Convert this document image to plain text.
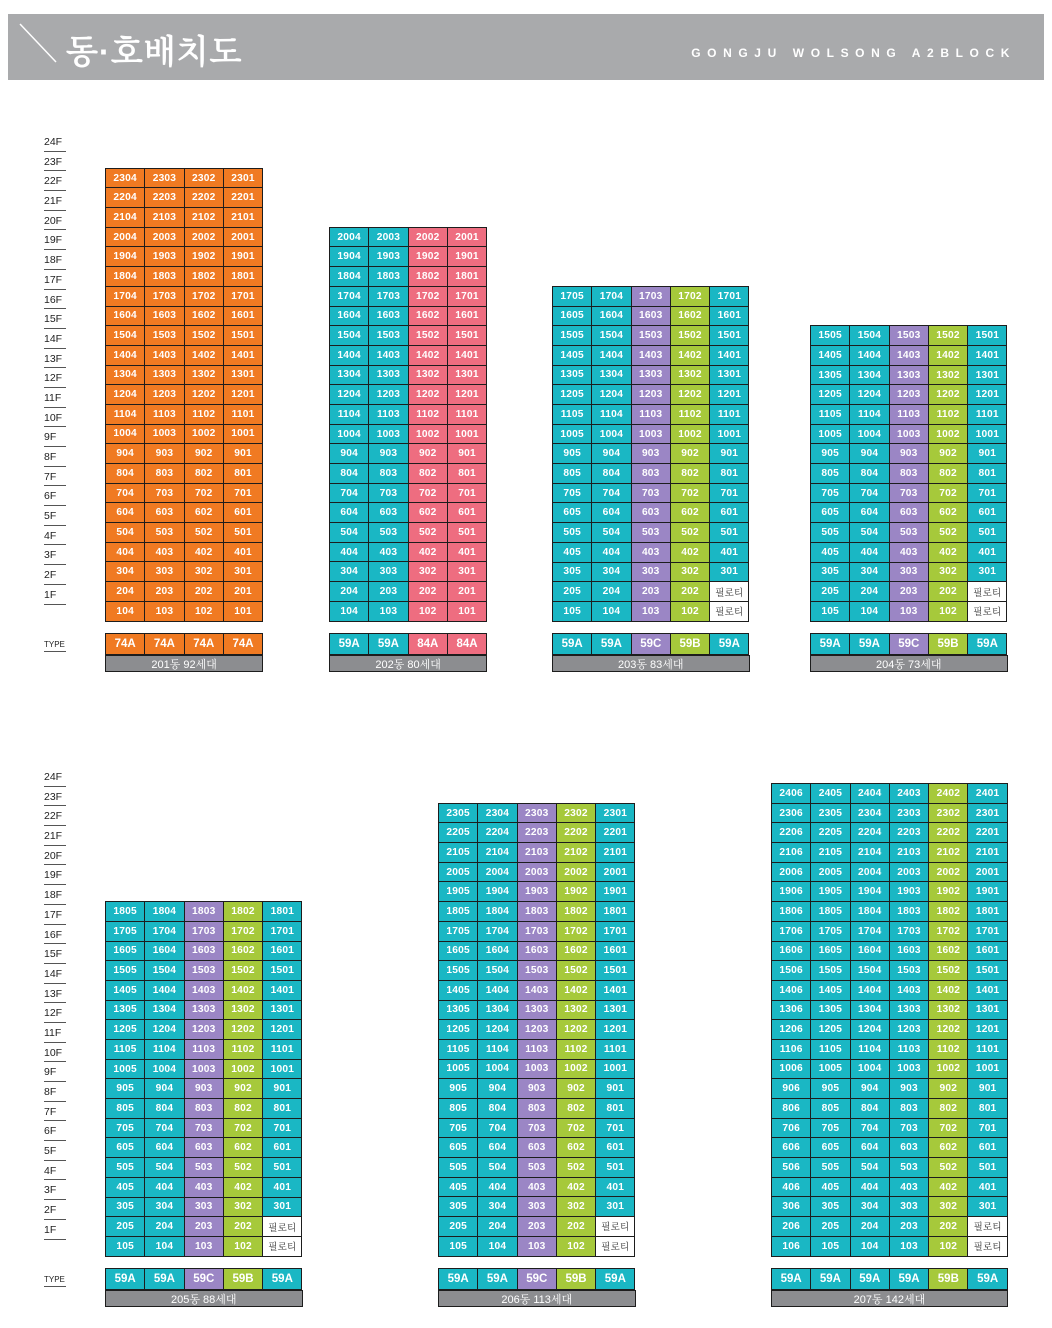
동·호배치도	GONGJU WOLSONG A2BLOCK
24F
23F
22F
21F
20F
19F
18F
17F
16F
15F
14F
13F
12F
11F
10F
9F
8F
7F
6F
5F
4F
3F
2F
1F
TYPE
24F
23F
22F
21F
20F
19F
18F
17F
16F
15F
14F
13F
12F
11F
10F
9F
8F
7F
6F
5F
4F
3F
2F
1F
TYPE
2304	2303	2302	2301
2204	2203	2202	2201
2104	2103	2102	2101
2004	2003	2002	2001
1904	1903	1902	1901
1804	1803	1802	1801
1704	1703	1702	1701
1604	1603	1602	1601
1504	1503	1502	1501
1404	1403	1402	1401
1304	1303	1302	1301
1204	1203	1202	1201
1104	1103	1102	1101
1004	1003	1002	1001
904	903	902	901
804	803	802	801
704	703	702	701
604	603	602	601
504	503	502	501
404	403	402	401
304	303	302	301
204	203	202	201
104	103	102	101
74A	74A	74A	74A
201동 92세대
2004	2003	2002	2001
1904	1903	1902	1901
1804	1803	1802	1801
1704	1703	1702	1701
1604	1603	1602	1601
1504	1503	1502	1501
1404	1403	1402	1401
1304	1303	1302	1301
1204	1203	1202	1201
1104	1103	1102	1101
1004	1003	1002	1001
904	903	902	901
804	803	802	801
704	703	702	701
604	603	602	601
504	503	502	501
404	403	402	401
304	303	302	301
204	203	202	201
104	103	102	101
59A	59A	84A	84A
202동 80세대
1705	1704	1703	1702	1701
1605	1604	1603	1602	1601
1505	1504	1503	1502	1501
1405	1404	1403	1402	1401
1305	1304	1303	1302	1301
1205	1204	1203	1202	1201
1105	1104	1103	1102	1101
1005	1004	1003	1002	1001
905	904	903	902	901
805	804	803	802	801
705	704	703	702	701
605	604	603	602	601
505	504	503	502	501
405	404	403	402	401
305	304	303	302	301
205	204	203	202	필로티
105	104	103	102	필로티
59A	59A	59C	59B	59A
203동 83세대
1505	1504	1503	1502	1501
1405	1404	1403	1402	1401
1305	1304	1303	1302	1301
1205	1204	1203	1202	1201
1105	1104	1103	1102	1101
1005	1004	1003	1002	1001
905	904	903	902	901
805	804	803	802	801
705	704	703	702	701
605	604	603	602	601
505	504	503	502	501
405	404	403	402	401
305	304	303	302	301
205	204	203	202	필로티
105	104	103	102	필로티
59A	59A	59C	59B	59A
204동 73세대
1805	1804	1803	1802	1801
1705	1704	1703	1702	1701
1605	1604	1603	1602	1601
1505	1504	1503	1502	1501
1405	1404	1403	1402	1401
1305	1304	1303	1302	1301
1205	1204	1203	1202	1201
1105	1104	1103	1102	1101
1005	1004	1003	1002	1001
905	904	903	902	901
805	804	803	802	801
705	704	703	702	701
605	604	603	602	601
505	504	503	502	501
405	404	403	402	401
305	304	303	302	301
205	204	203	202	필로티
105	104	103	102	필로티
59A	59A	59C	59B	59A
205동 88세대
2305	2304	2303	2302	2301
2205	2204	2203	2202	2201
2105	2104	2103	2102	2101
2005	2004	2003	2002	2001
1905	1904	1903	1902	1901
1805	1804	1803	1802	1801
1705	1704	1703	1702	1701
1605	1604	1603	1602	1601
1505	1504	1503	1502	1501
1405	1404	1403	1402	1401
1305	1304	1303	1302	1301
1205	1204	1203	1202	1201
1105	1104	1103	1102	1101
1005	1004	1003	1002	1001
905	904	903	902	901
805	804	803	802	801
705	704	703	702	701
605	604	603	602	601
505	504	503	502	501
405	404	403	402	401
305	304	303	302	301
205	204	203	202	필로티
105	104	103	102	필로티
59A	59A	59C	59B	59A
206동 113세대
2406	2405	2404	2403	2402	2401
2306	2305	2304	2303	2302	2301
2206	2205	2204	2203	2202	2201
2106	2105	2104	2103	2102	2101
2006	2005	2004	2003	2002	2001
1906	1905	1904	1903	1902	1901
1806	1805	1804	1803	1802	1801
1706	1705	1704	1703	1702	1701
1606	1605	1604	1603	1602	1601
1506	1505	1504	1503	1502	1501
1406	1405	1404	1403	1402	1401
1306	1305	1304	1303	1302	1301
1206	1205	1204	1203	1202	1201
1106	1105	1104	1103	1102	1101
1006	1005	1004	1003	1002	1001
906	905	904	903	902	901
806	805	804	803	802	801
706	705	704	703	702	701
606	605	604	603	602	601
506	505	504	503	502	501
406	405	404	403	402	401
306	305	304	303	302	301
206	205	204	203	202	필로티
106	105	104	103	102	필로티
59A	59A	59A	59A	59B	59A
207동 142세대
